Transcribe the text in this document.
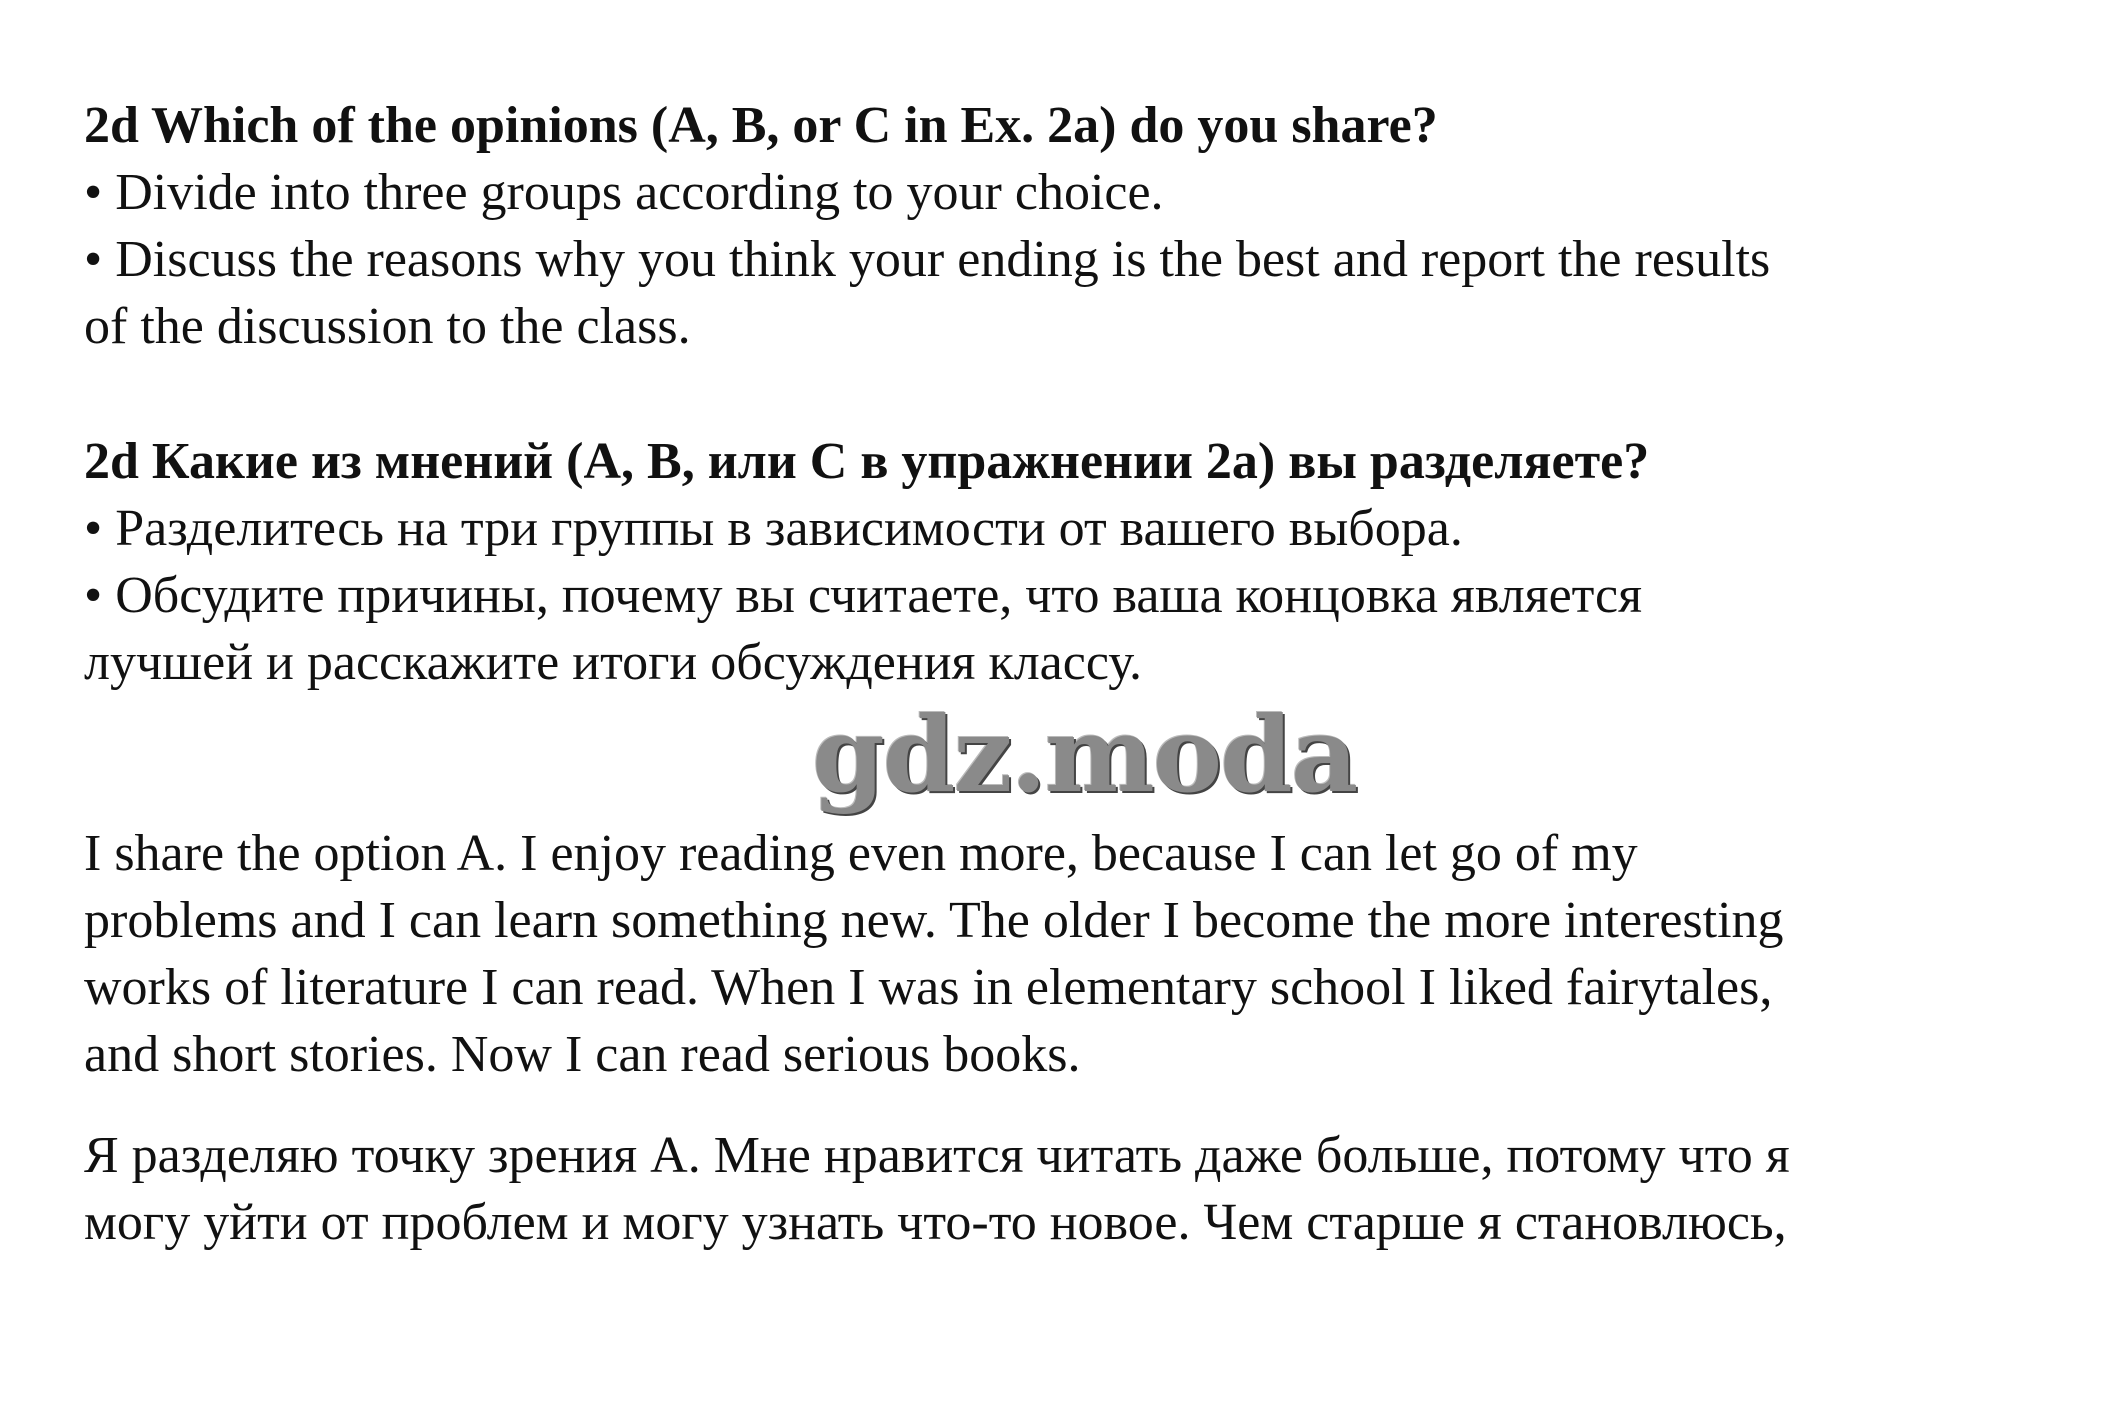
2d Which of the opinions (A, B, or C in Ex. 2a) do you share?

• Divide into three groups according to your choice.

• Discuss the reasons why you think your ending is the best and report the results

of the discussion to the class.

2d Какие из мнений (А, В, или С в упражнении 2а) вы разделяете?

• Разделитесь на три группы в зависимости от вашего выбора.

• Обсудите причины, почему вы считаете, что ваша концовка является

лучшей и расскажите итоги обсуждения классу.

gdz.moda

I share the option A. I enjoy reading even more, because I can let go of my

problems and I can learn something new. The older I become the more interesting

works of literature I can read. When I was in elementary school I liked fairytales,

and short stories. Now I can read serious books.

Я разделяю точку зрения А. Мне нравится читать даже больше, потому что я

могу уйти от проблем и могу узнать что-то новое. Чем старше я становлюсь,
